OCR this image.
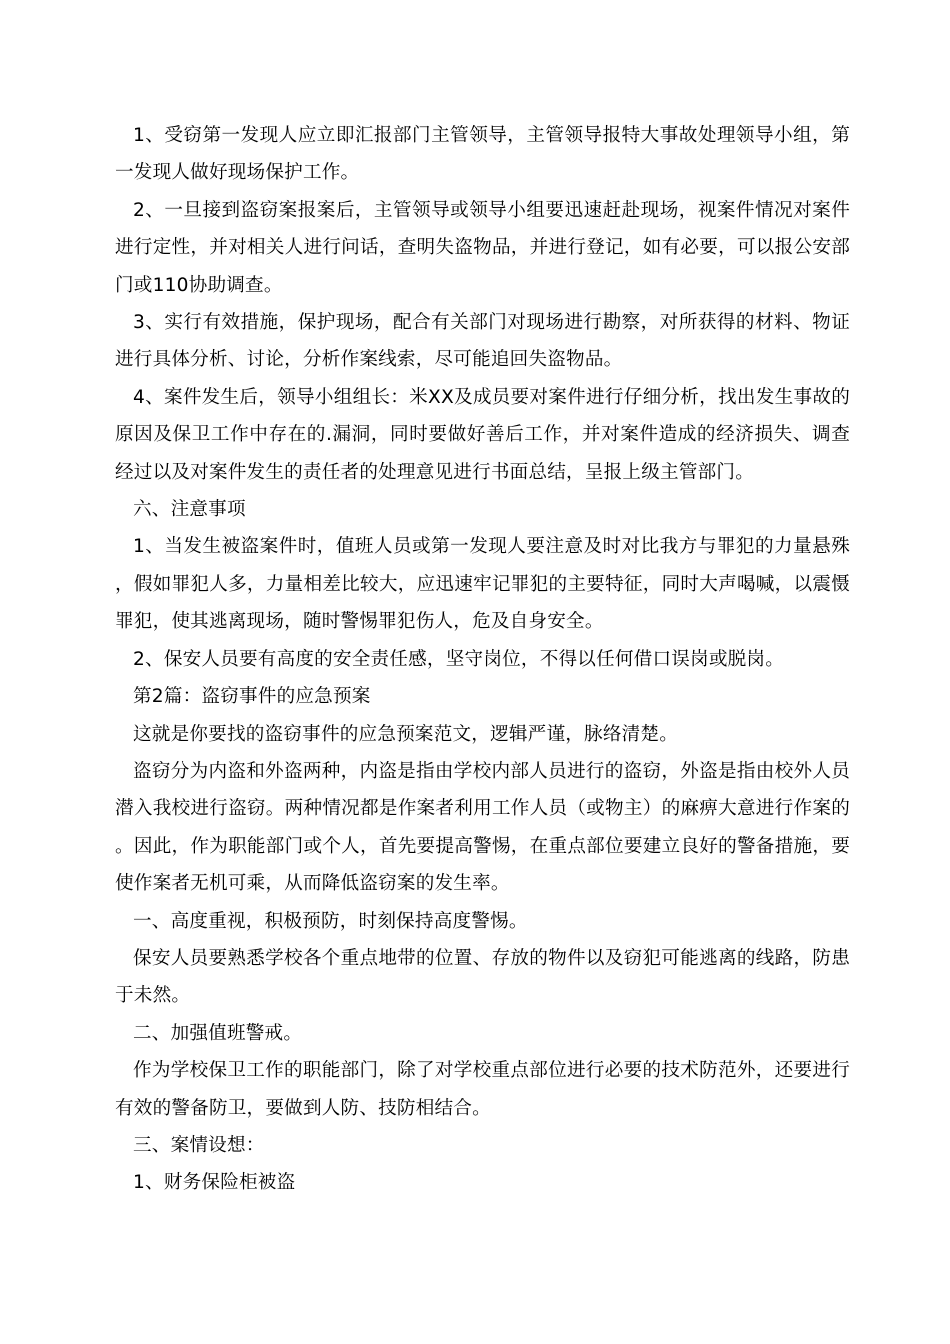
1、受窃第一发现人应立即汇报部门主管领导，主管领导报特大事故处理领导小组，第一发现人做好现场保护工作。

2、一旦接到盗窃案报案后，主管领导或领导小组要迅速赶赴现场，视案件情况对案件进行定性，并对相关人进行问话，查明失盗物品，并进行登记，如有必要，可以报公安部门或110协助调查。

3、实行有效措施，保护现场，配合有关部门对现场进行勘察，对所获得的材料、物证进行具体分析、讨论，分析作案线索，尽可能追回失盗物品。

4、案件发生后，领导小组组长：米XX及成员要对案件进行仔细分析，找出发生事故的原因及保卫工作中存在的.漏洞，同时要做好善后工作，并对案件造成的经济损失、调查经过以及对案件发生的责任者的处理意见进行书面总结，呈报上级主管部门。

六、注意事项

1、当发生被盗案件时，值班人员或第一发现人要注意及时对比我方与罪犯的力量悬殊，假如罪犯人多，力量相差比较大，应迅速牢记罪犯的主要特征，同时大声喝喊，以震慑罪犯，使其逃离现场，随时警惕罪犯伤人，危及自身安全。

2、保安人员要有高度的安全责任感，坚守岗位，不得以任何借口误岗或脱岗。

第2篇：盗窃事件的应急预案

这就是你要找的盗窃事件的应急预案范文，逻辑严谨，脉络清楚。

盗窃分为内盗和外盗两种，内盗是指由学校内部人员进行的盗窃，外盗是指由校外人员潜入我校进行盗窃。两种情况都是作案者利用工作人员（或物主）的麻痹大意进行作案的。因此，作为职能部门或个人，首先要提高警惕，在重点部位要建立良好的警备措施，要使作案者无机可乘，从而降低盗窃案的发生率。

一、高度重视，积极预防，时刻保持高度警惕。

保安人员要熟悉学校各个重点地带的位置、存放的物件以及窃犯可能逃离的线路，防患于未然。

二、加强值班警戒。

作为学校保卫工作的职能部门，除了对学校重点部位进行必要的技术防范外，还要进行有效的警备防卫，要做到人防、技防相结合。

三、案情设想：

1、财务保险柜被盗
